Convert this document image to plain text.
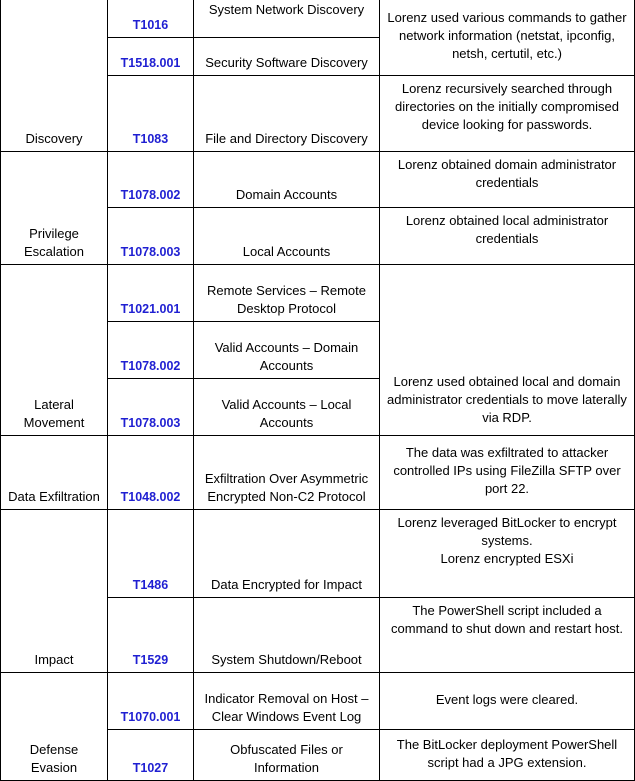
Discovery	T1016	System Network Discovery	Lorenz used various commands to gather network information (netstat, ipconfig, netsh, certutil, etc.)
	T1518.001	Security Software Discovery	
	T1083	File and Directory Discovery	Lorenz recursively searched through directories on the initially compromised device looking for passwords.
Privilege Escalation	T1078.002	Domain Accounts	Lorenz obtained domain administrator credentials
	T1078.003	Local Accounts	Lorenz obtained local administrator credentials
Lateral Movement	T1021.001	Remote Services – Remote Desktop Protocol	Lorenz used obtained local and domain administrator credentials to move laterally via RDP.
	T1078.002	Valid Accounts – Domain Accounts	
	T1078.003	Valid Accounts – Local Accounts	
Data Exfiltration	T1048.002	Exfiltration Over Asymmetric Encrypted Non-C2 Protocol	The data was exfiltrated to attacker controlled IPs using FileZilla SFTP over port 22.
Impact	T1486	Data Encrypted for Impact	Lorenz leveraged BitLocker to encrypt systems.
Lorenz encrypted ESXi

	T1529	System Shutdown/Reboot	The PowerShell script included a command to shut down and restart host.
Defense Evasion	T1070.001	Indicator Removal on Host – Clear Windows Event Log	Event logs were cleared.
	T1027	Obfuscated Files or Information	The BitLocker deployment PowerShell script had a JPG extension.
